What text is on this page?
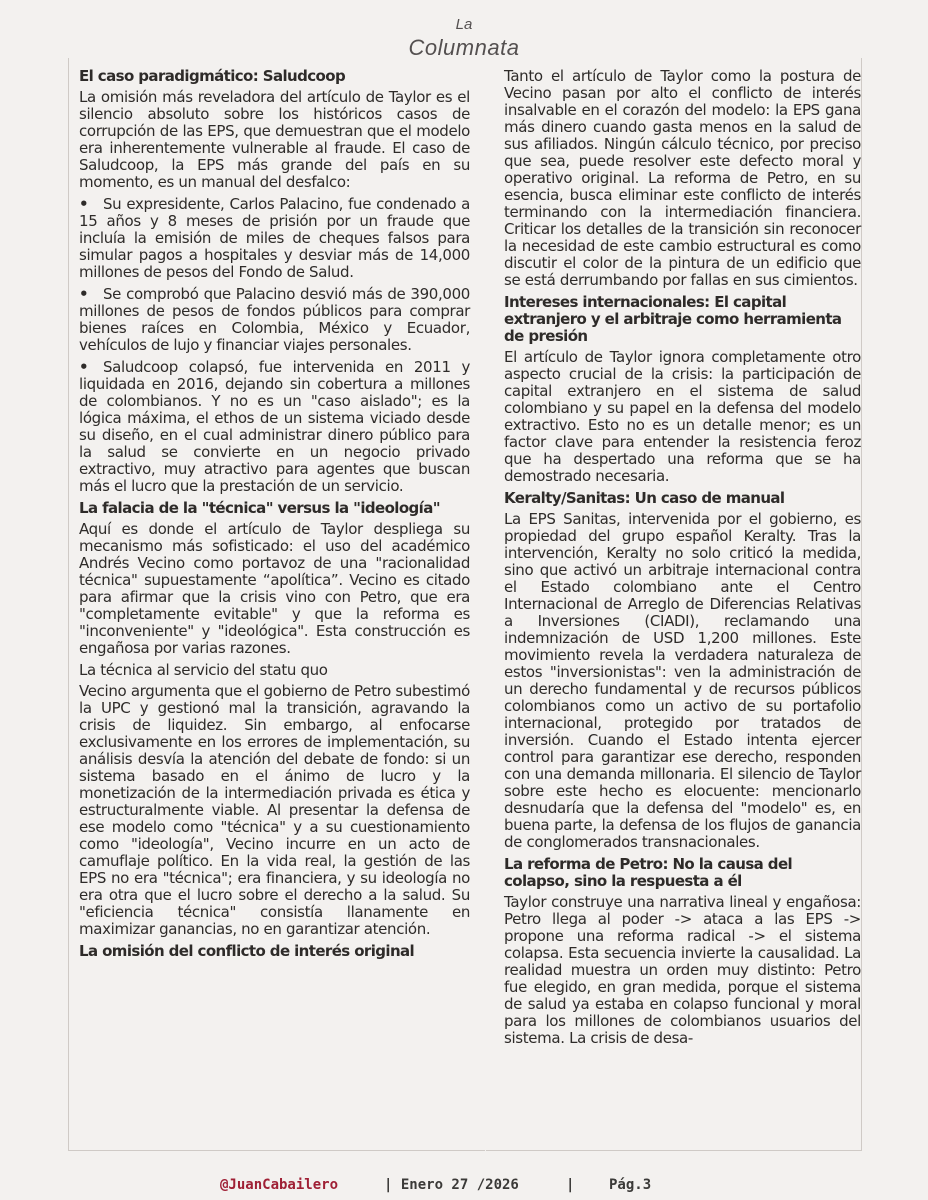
La
Columnata
El caso paradigmático: Saludcoop

La omisión más reveladora del artículo de Taylor es el silencio absoluto sobre los históricos casos de corrupción de las EPS, que demuestran que el modelo era inherentemente vulnerable al fraude. El caso de Saludcoop, la EPS más grande del país en su momento, es un manual del desfalco:

• Su expresidente, Carlos Palacino, fue condenado a 15 años y 8 meses de prisión por un fraude que incluía la emisión de miles de cheques falsos para simular pagos a hospitales y desviar más de 14,000 millones de pesos del Fondo de Salud.

• Se comprobó que Palacino desvió más de 390,000 millones de pesos de fondos públicos para comprar bienes raíces en Colombia, México y Ecuador, vehículos de lujo y financiar viajes personales.

• Saludcoop colapsó, fue intervenida en 2011 y liquidada en 2016, dejando sin cobertura a millones de colombianos. Y no es un "caso aislado"; es la lógica máxima, el ethos de un sistema viciado desde su diseño, en el cual administrar dinero público para la salud se convierte en un negocio privado extractivo, muy atractivo para agentes que buscan más el lucro que la prestación de un servicio.

La falacia de la "técnica" versus la "ideología"

Aquí es donde el artículo de Taylor despliega su mecanismo más sofisticado: el uso del académico Andrés Vecino como portavoz de una "racionalidad técnica" supuestamente “apolítica”. Vecino es citado para afirmar que la crisis vino con Petro, que era "completamente evitable" y que la reforma es "inconveniente" y "ideológica". Esta construcción es engañosa por varias razones.

La técnica al servicio del statu quo

Vecino argumenta que el gobierno de Petro subestimó la UPC y gestionó mal la transición, agravando la crisis de liquidez. Sin embargo, al enfocarse exclusivamente en los errores de implementación, su análisis desvía la atención del debate de fondo: si un sistema basado en el ánimo de lucro y la monetización de la intermediación privada es ética y estructuralmente viable. Al presentar la defensa de ese modelo como "técnica" y a su cuestionamiento como "ideología", Vecino incurre en un acto de camuflaje político. En la vida real, la gestión de las EPS no era "técnica"; era financiera, y su ideología no era otra que el lucro sobre el derecho a la salud. Su "eficiencia técnica" consistía llanamente en maximizar ganancias, no en garantizar atención.

La omisión del conflicto de interés original

Tanto el artículo de Taylor como la postura de Vecino pasan por alto el conflicto de interés insalvable en el corazón del modelo: la EPS gana más dinero cuando gasta menos en la salud de sus afiliados. Ningún cálculo técnico, por preciso que sea, puede resolver este defecto moral y operativo original. La reforma de Petro, en su esencia, busca eliminar este conflicto de interés terminando con la intermediación financiera. Criticar los detalles de la transición sin reconocer la necesidad de este cambio estructural es como discutir el color de la pintura de un edificio que se está derrumbando por fallas en sus cimientos.

Intereses internacionales: El capital extranjero y el arbitraje como herramienta de presión

El artículo de Taylor ignora completamente otro aspecto crucial de la crisis: la participación de capital extranjero en el sistema de salud colombiano y su papel en la defensa del modelo extractivo. Esto no es un detalle menor; es un factor clave para entender la resistencia feroz que ha despertado una reforma que se ha demostrado necesaria.

Keralty/Sanitas: Un caso de manual

La EPS Sanitas, intervenida por el gobierno, es propiedad del grupo español Keralty. Tras la intervención, Keralty no solo criticó la medida, sino que activó un arbitraje internacional contra el Estado colombiano ante el Centro Internacional de Arreglo de Diferencias Relativas a Inversiones (CIADI), reclamando una indemnización de USD 1,200 millones. Este movimiento revela la verdadera naturaleza de estos "inversionistas": ven la administración de un derecho fundamental y de recursos públicos colombianos como un activo de su portafolio internacional, protegido por tratados de inversión. Cuando el Estado intenta ejercer control para garantizar ese derecho, responden con una demanda millonaria. El silencio de Taylor sobre este hecho es elocuente: mencionarlo desnudaría que la defensa del "modelo" es, en buena parte, la defensa de los flujos de ganancia de conglomerados transnacionales.

La reforma de Petro: No la causa del colapso, sino la respuesta a él

Taylor construye una narrativa lineal y engañosa: Petro llega al poder -> ataca a las EPS -> propone una reforma radical -> el sistema colapsa. Esta secuencia invierte la causalidad. La realidad muestra un orden muy distinto: Petro fue elegido, en gran medida, porque el sistema de salud ya estaba en colapso funcional y moral para los millones de colombianos usuarios del sistema. La crisis de desa-

@JuanCabailero	| Enero 27 /2026	| Pág.3
